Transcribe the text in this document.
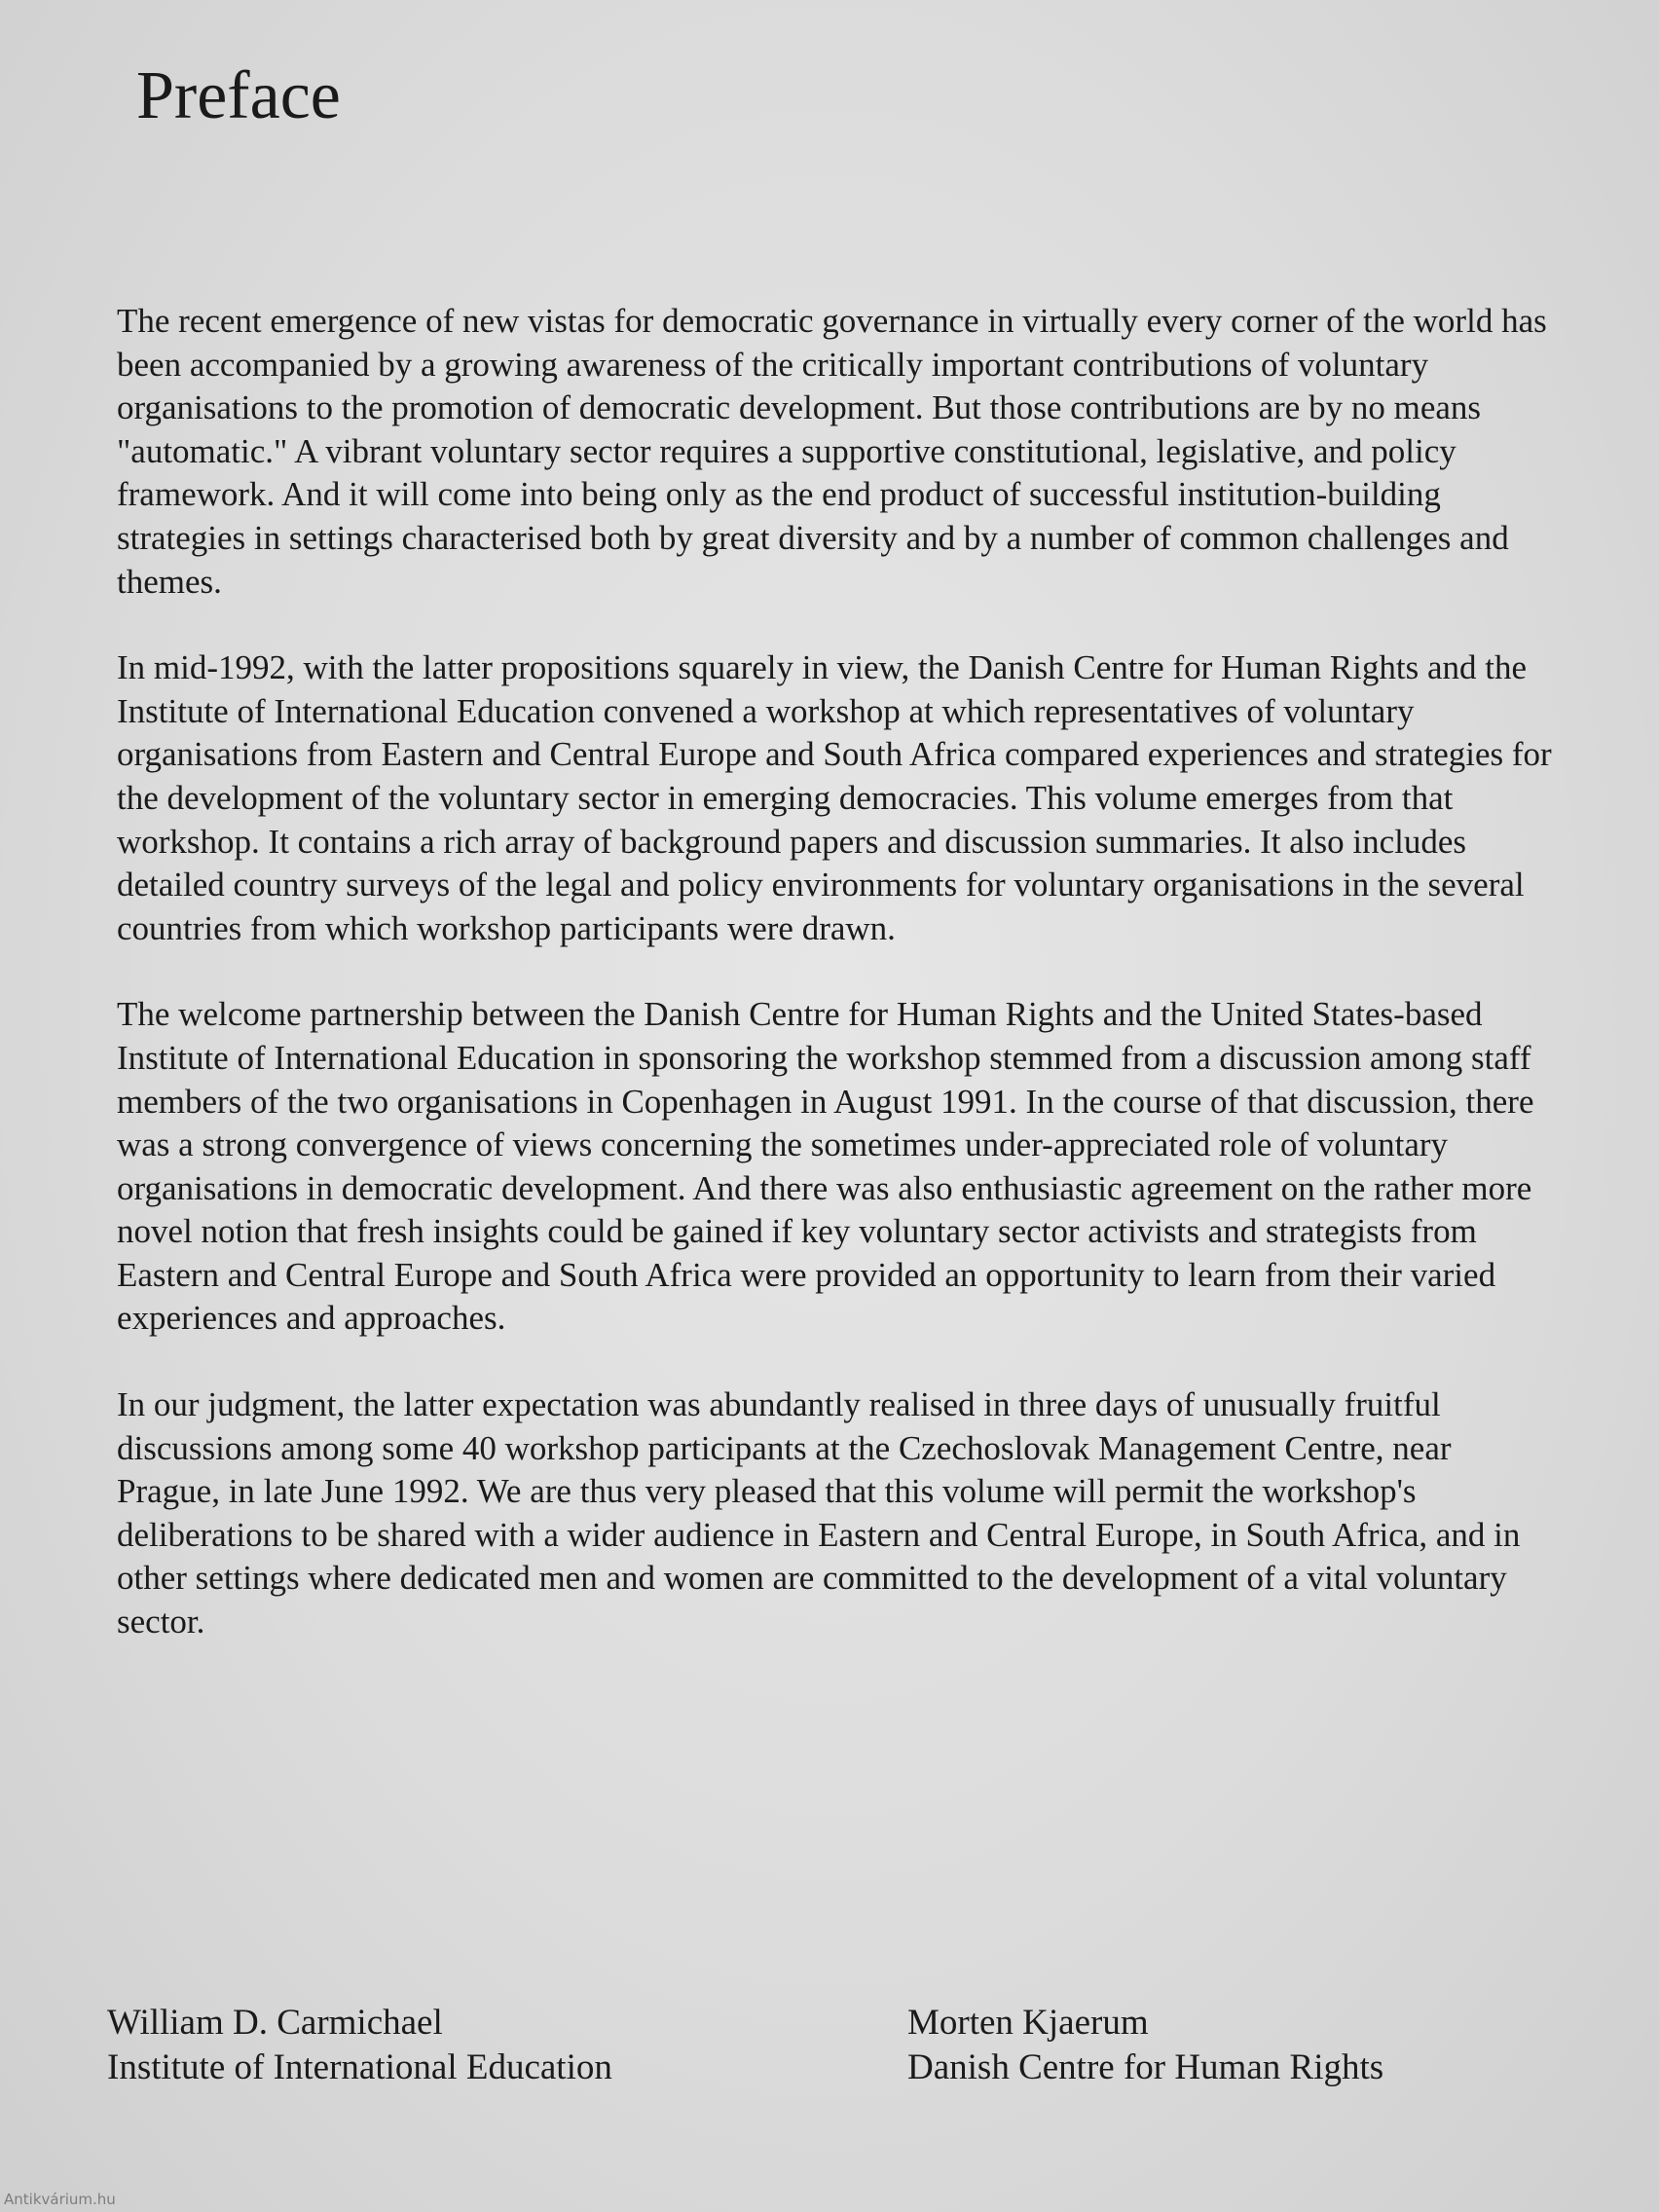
Preface

The recent emergence of new vistas for democratic governance in virtually every corner of the world has been accompanied by a growing awareness of the critically important contributions of voluntary organisations to the promotion of democratic development. But those contributions are by no means "automatic." A vibrant voluntary sector requires a supportive constitutional, legislative, and policy framework. And it will come into being only as the end product of successful institution-building strategies in settings characterised both by great diversity and by a number of common challenges and themes.

In mid-1992, with the latter propositions squarely in view, the Danish Centre for Human Rights and the Institute of International Education convened a workshop at which representatives of voluntary organisations from Eastern and Central Europe and South Africa compared experiences and strategies for the development of the voluntary sector in emerging democracies. This volume emerges from that workshop. It contains a rich array of background papers and discussion summaries. It also includes detailed country surveys of the legal and policy environments for voluntary organisations in the several countries from which workshop participants were drawn.

The welcome partnership between the Danish Centre for Human Rights and the United States-based Institute of International Education in sponsoring the workshop stemmed from a discussion among staff members of the two organisations in Copenhagen in August 1991. In the course of that discussion, there was a strong convergence of views concerning the sometimes under-appreciated role of voluntary organisations in democratic development. And there was also enthusiastic agreement on the rather more novel notion that fresh insights could be gained if key voluntary sector activists and strategists from Eastern and Central Europe and South Africa were provided an opportunity to learn from their varied experiences and approaches.

In our judgment, the latter expectation was abundantly realised in three days of unusually fruitful discussions among some 40 workshop participants at the Czechoslovak Management Centre, near Prague, in late June 1992. We are thus very pleased that this volume will permit the workshop's deliberations to be shared with a wider audience in Eastern and Central Europe, in South Africa, and in other settings where dedicated men and women are committed to the development of a vital voluntary sector.

William D. Carmichael
Institute of International Education
Morten Kjaerum
Danish Centre for Human Rights
Antikvárium.hu
